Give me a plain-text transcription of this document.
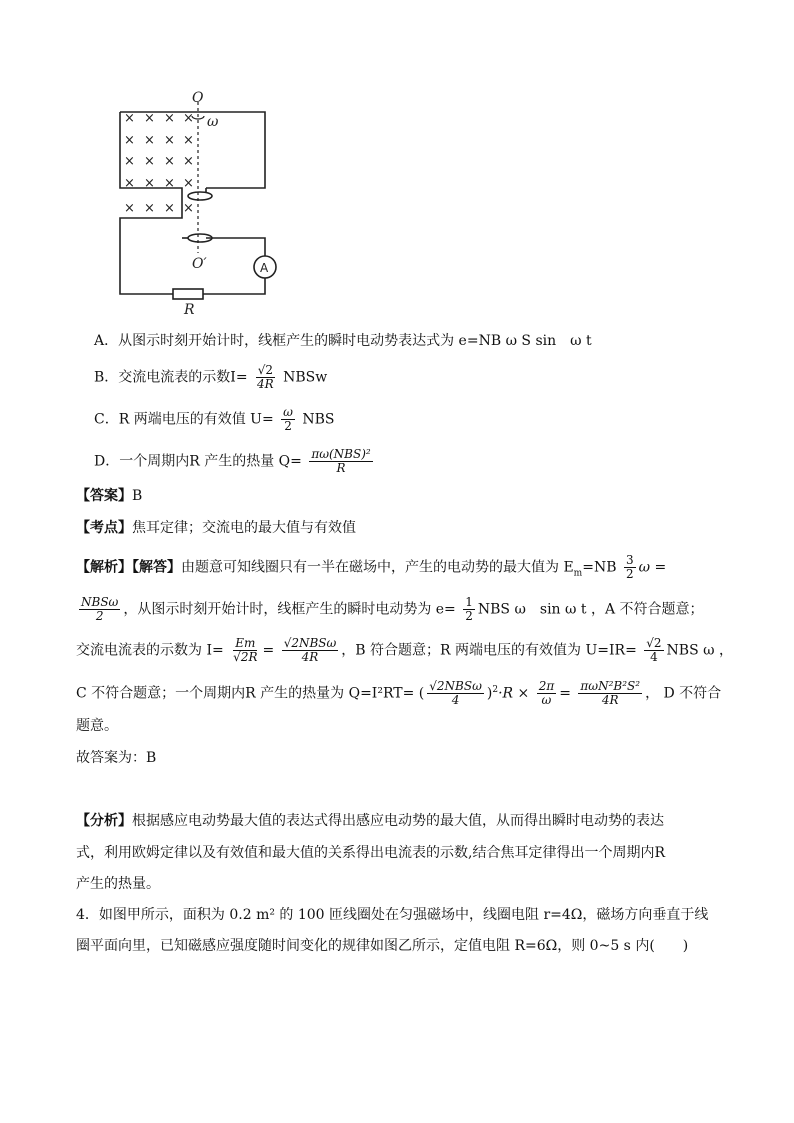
× × × ×
× × × ×
× × × ×
× × × ×
× × × ×
O
ω
O′
R
A
A．从图示时刻开始计时，线框产生的瞬时电动势表达式为 e=NB ω S sin　ω t
B．交流电流表的示数$I= \frac{√2}{4R}$ NBSw
C．R 两端电压的有效值 $U= \frac{\omega}{2}$ NBS
D．一个周期内R 产生的热量 $Q= \frac{\text{πω(NBS)²}}{R}$
【答案】B
【考点】焦耳定律；交流电的最大值与有效值
【解析】【解答】由题意可知线圈只有一半在磁场中，产生的电动势的最大值为 $E_m=NB \frac{3}{2}$ ω =
$\frac{\text{NBSω}}{2}$ ，从图示时刻开始计时，线框产生的瞬时电动势为 $e= \frac{1}{2}$ NBS ω　sin ω t ，A 不符合题意；
交流电流表的示数为 $I= \frac{Em}{√2R} = \frac{\text{√2NBSω}}{4R}$ ，B 符合题意；R 两端电压的有效值为 $U=IR= \frac{√2}{4}$ NBS ω ，
C 不符合题意；一个周期内R 产生的热量为 Q=I²RT= ( $\frac{\text{√2NBSω}}{4} )^2\cdot R \times \frac{2\pi}{\omega} = \frac{\text{πωN²B²S²}}{4R}$ ， D 不符合
题意。
故答案为：B
【分析】根据感应电动势最大值的表达式得出感应电动势的最大值，从而得出瞬时电动势的表达
式，利用欧姆定律以及有效值和最大值的关系得出电流表的示数,结合焦耳定律得出一个周期内R
产生的热量。
4．如图甲所示，面积为 0.2 m² 的 100 匝线圈处在匀强磁场中，线圈电阻 r=4Ω，磁场方向垂直于线
圈平面向里，已知磁感应强度随时间变化的规律如图乙所示，定值电阻 R=6Ω，则 0~5 s 内(　　)
